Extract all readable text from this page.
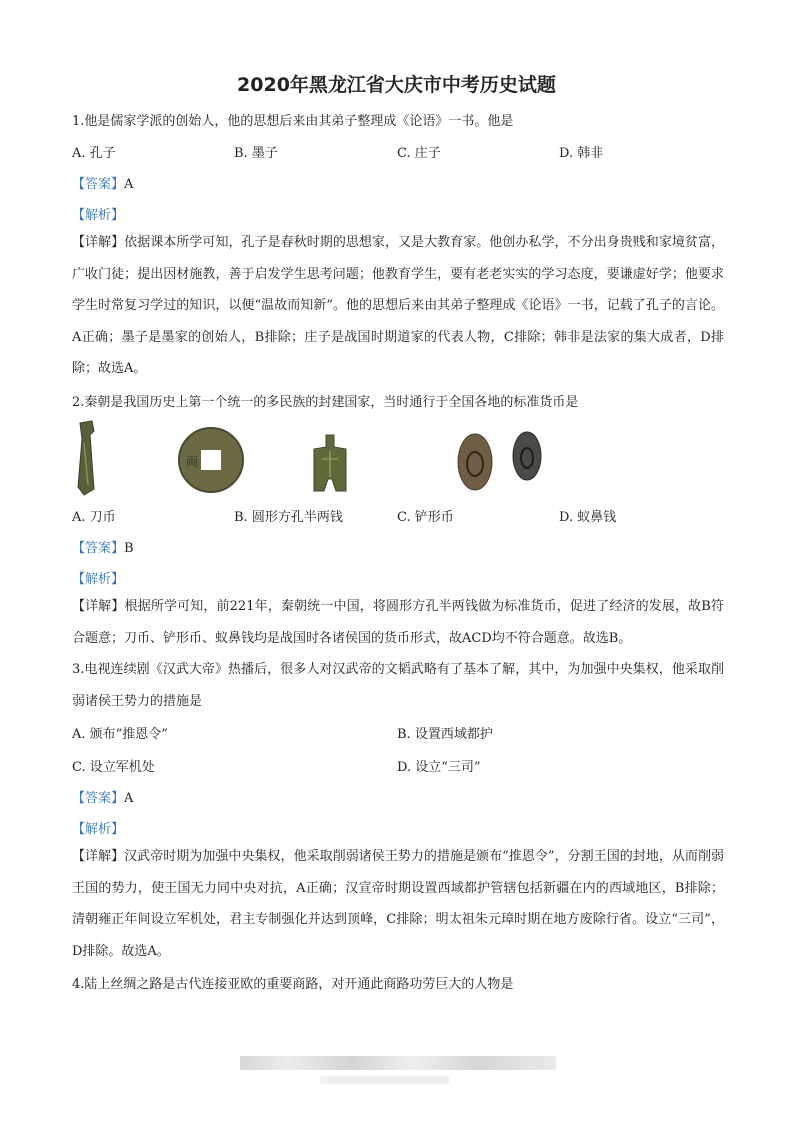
2020年黑龙江省大庆市中考历史试题
1.他是儒家学派的创始人，他的思想后来由其弟子整理成《论语》一书。他是
A. 孔子	B. 墨子	C. 庄子	D. 韩非
【答案】A
【解析】
【详解】依据课本所学可知，孔子是春秋时期的思想家，又是大教育家。他创办私学，不分出身贵贱和家境贫富，广收门徒；提出因材施教，善于启发学生思考问题；他教育学生，要有老老实实的学习态度，要谦虚好学；他要求学生时常复习学过的知识，以便“温故而知新”。他的思想后来由其弟子整理成《论语》一书，记载了孔子的言论。A正确；墨子是墨家的创始人，B排除；庄子是战国时期道家的代表人物，C排除；韩非是法家的集大成者，D排除；故选A。
2.秦朝是我国历史上第一个统一的多民族的封建国家，当时通行于全国各地的标准货币是
両
A. 刀币	B. 圆形方孔半两钱	C. 铲形币	D. 蚁鼻钱
【答案】B
【解析】
【详解】根据所学可知，前221年，秦朝统一中国，将圆形方孔半两钱做为标准货币，促进了经济的发展，故B符合题意；刀币、铲形币、蚁鼻钱均是战国时各诸侯国的货币形式，故ACD均不符合题意。故选B。
3.电视连续剧《汉武大帝》热播后，很多人对汉武帝的文韬武略有了基本了解，其中，为加强中央集权，他采取削弱诸侯王势力的措施是
A. 颁布“推恩令”	B. 设置西域都护
C. 设立军机处	D. 设立“三司”
【答案】A
【解析】
【详解】汉武帝时期为加强中央集权，他采取削弱诸侯王势力的措施是颁布“推恩令”，分割王国的封地，从而削弱王国的势力，使王国无力同中央对抗，A正确；汉宣帝时期设置西域都护管辖包括新疆在内的西域地区，B排除；清朝雍正年间设立军机处，君主专制强化并达到顶峰，C排除；明太祖朱元璋时期在地方废除行省。设立“三司”，D排除。故选A。
4.陆上丝绸之路是古代连接亚欧的重要商路，对开通此商路功劳巨大的人物是
